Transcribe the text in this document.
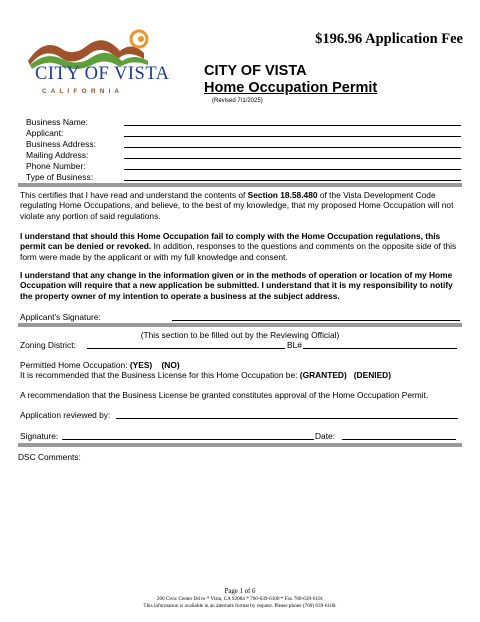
$196.96 Application Fee
CITY OF VISTA
C A L I F O R N I A
CITY OF VISTA
Home Occupation Permit
(Revised 7/1/2025)
Business Name:
Applicant:
Business Address:
Mailing Address:
Phone Number:
Type of Business:

This certifies that I have read and understand the contents of Section 18.58.480 of the Vista Development Code regulating Home Occupations, and believe, to the best of my knowledge, that my proposed Home Occupation will not violate any portion of said regulations.

I understand that should this Home Occupation fail to comply with the Home Occupation regulations, this permit can be denied or revoked. In addition, responses to the questions and comments on the opposite side of this form were made by the applicant or with my full knowledge and consent.

I understand that any change in the information given or in the methods of operation or location of my Home Occupation will require that a new application be submitted. I understand that it is my responsibility to notify the property owner of my intention to operate a business at the subject address.

Applicant's Signature:
(This section to be filled out by the Reviewing Official)
Zoning District:	BL#
Permitted Home Occupation: (YES) (NO)
It is recommended that the Business License for this Home Occupation be: (GRANTED) (DENIED)
A recommendation that the Business License be granted constitutes approval of the Home Occupation Permit.
Application reviewed by:
Signature:	Date:
DSC Comments:
Page 1 of 6
200 Civic Center Drive * Vista, CA 92084 * 760-639-6100 * Fax 760-639-6101
This information is available in an alternate format by request. Please phone (760) 639-6100.
